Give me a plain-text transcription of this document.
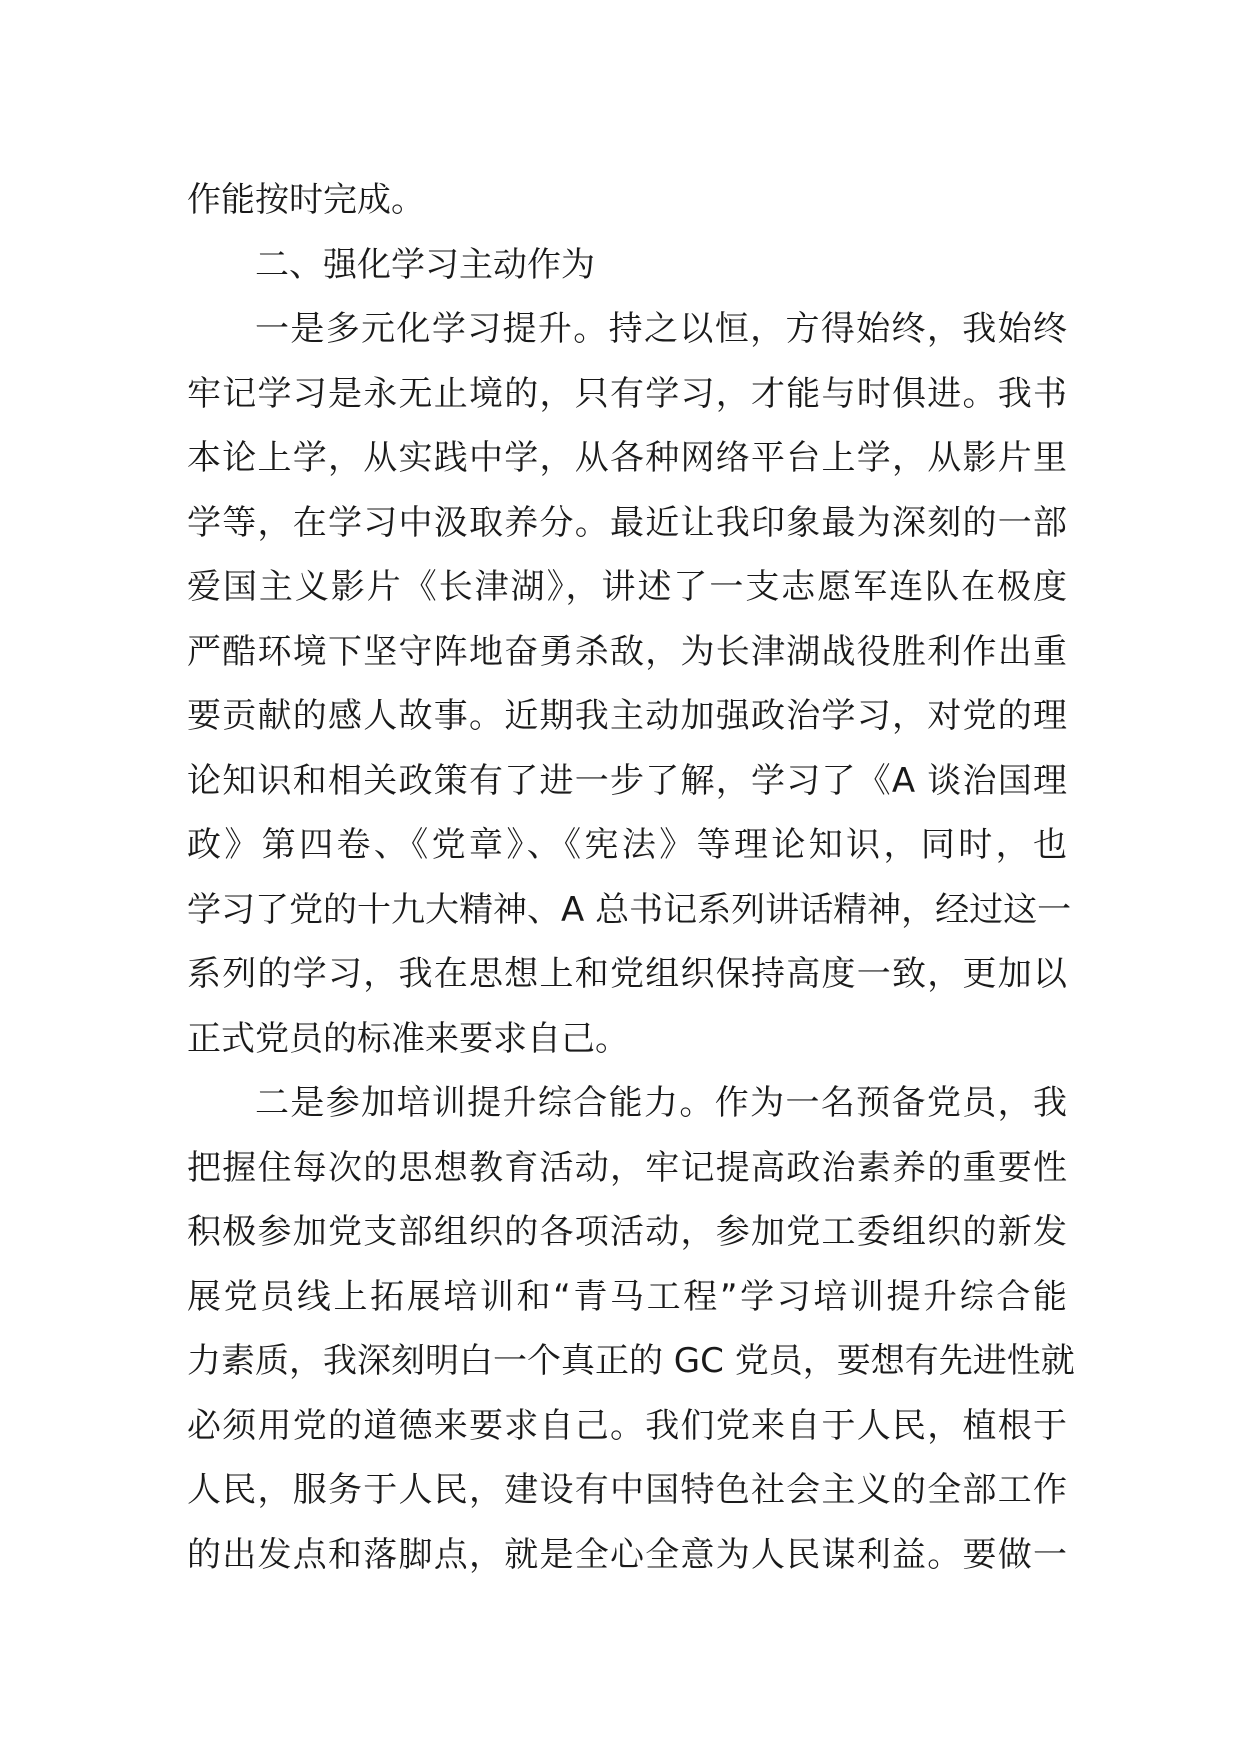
作能按时完成。
二、强化学习主动作为
一是多元化学习提升。持之以恒，方得始终，我始终
牢记学习是永无止境的，只有学习，才能与时俱进。我书
本论上学，从实践中学，从各种网络平台上学，从影片里
学等，在学习中汲取养分。最近让我印象最为深刻的一部
爱国主义影片《长津湖》，讲述了一支志愿军连队在极度
严酷环境下坚守阵地奋勇杀敌，为长津湖战役胜利作出重
要贡献的感人故事。近期我主动加强政治学习，对党的理
论知识和相关政策有了进一步了解，学习了《A 谈治国理
政》第四卷、《党章》、《宪法》等理论知识，同时，也
学习了党的十九大精神、A 总书记系列讲话精神，经过这一
系列的学习，我在思想上和党组织保持高度一致，更加以
正式党员的标准来要求自己。
二是参加培训提升综合能力。作为一名预备党员，我
把握住每次的思想教育活动，牢记提高政治素养的重要性
积极参加党支部组织的各项活动，参加党工委组织的新发
展党员线上拓展培训和“青马工程”学习培训提升综合能
力素质，我深刻明白一个真正的 GC 党员，要想有先进性就
必须用党的道德来要求自己。我们党来自于人民，植根于
人民，服务于人民，建设有中国特色社会主义的全部工作
的出发点和落脚点，就是全心全意为人民谋利益。要做一
